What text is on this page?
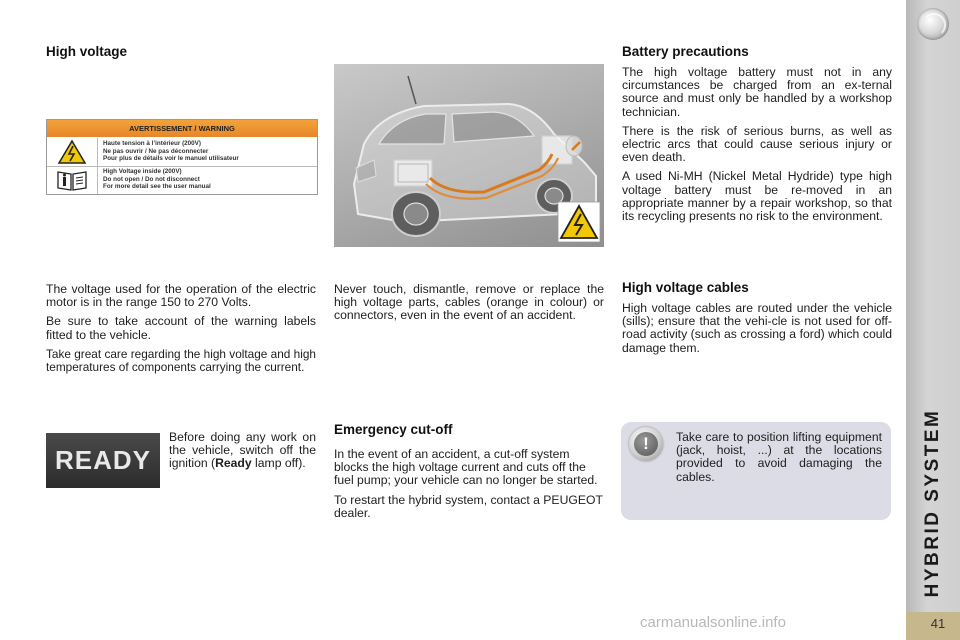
HYBRID SYSTEM
41
High voltage
AVERTISSEMENT / WARNING
Haute tension à l’intérieur (200V)
Ne pas ouvrir / Ne pas déconnecter
Pour plus de détails voir le manuel utilisateur
High Voltage inside (200V)
Do not open / Do not disconnect
For more detail see the user manual

The voltage used for the operation of the electric motor is in the range 150 to 270 Volts.

Be sure to take account of the warning labels fitted to the vehicle.

Take great care regarding the high voltage and high temperatures of components carrying the current.

READY

Before doing any work on the vehicle, switch off the ignition (Ready lamp off).

Never touch, dismantle, remove or replace the high voltage parts, cables (orange in colour) or connectors, even in the event of an accident.

Emergency cut-off

In the event of an accident, a cut-off system blocks the high voltage current and cuts off the fuel pump; your vehicle can no longer be started.

To restart the hybrid system, contact a PEUGEOT dealer.

Battery precautions

The high voltage battery must not in any circumstances be charged from an ex-ternal source and must only be handled by a workshop technician.

There is the risk of serious burns, as well as electric arcs that could cause serious injury or even death.

A used Ni-MH (Nickel Metal Hydride) type high voltage battery must be re-moved in an appropriate manner by a repair workshop, so that its recycling presents no risk to the environment.

High voltage cables

High voltage cables are routed under the vehicle (sills); ensure that the vehi-cle is not used for off-road activity (such as crossing a ford) which could damage them.

!	Take care to position lifting equipment (jack, hoist, ...) at the locations provided to avoid damaging the cables.

carmanualsonline.info
